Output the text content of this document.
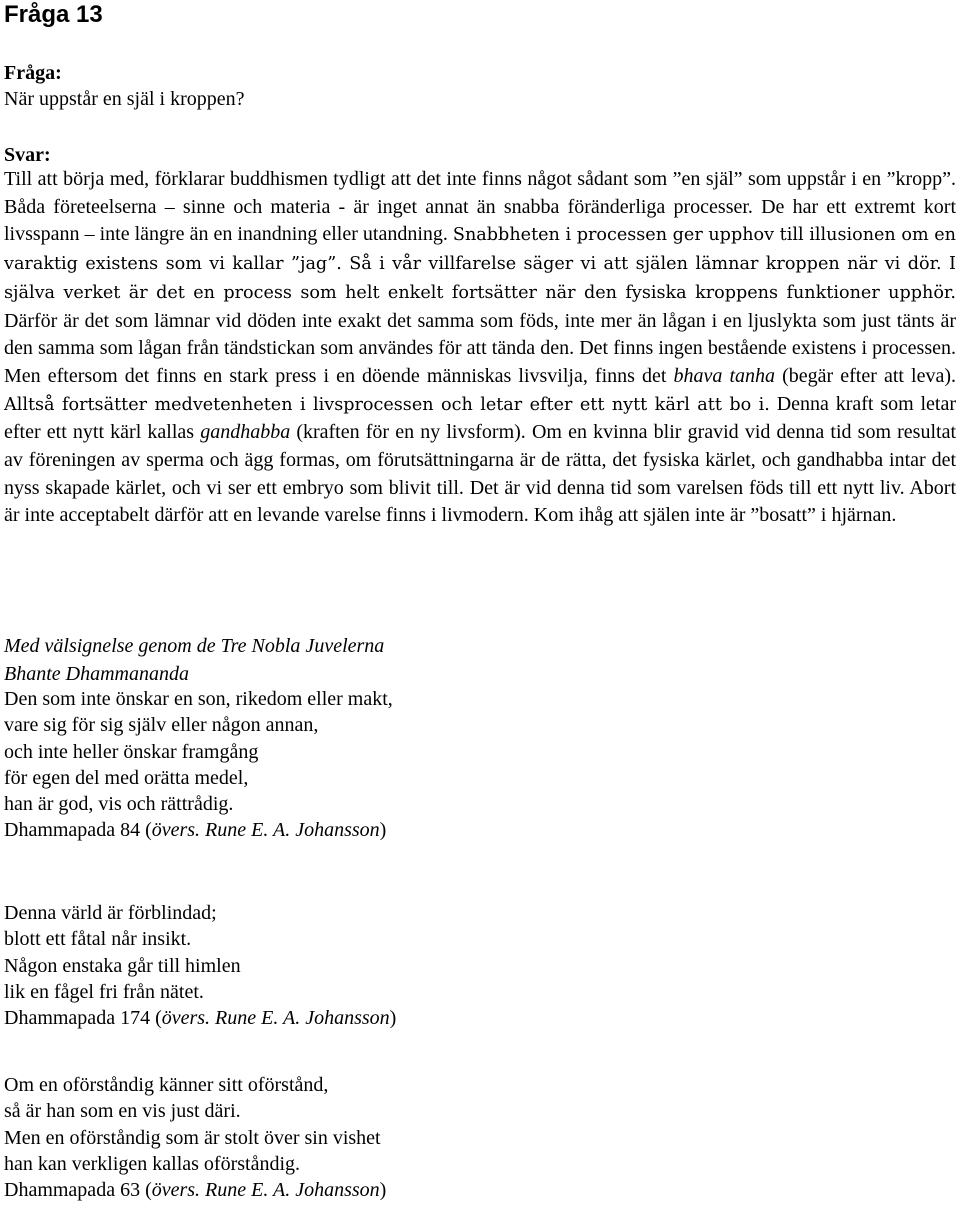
Fråga 13
Fråga:
När uppstår en själ i kroppen?
Svar:

Till att börja med, förklarar buddhismen tydligt att det inte finns något sådant som ”en själ” som uppstår i en ”kropp”. Båda företeelserna – sinne och materia - är inget annat än snabba föränderliga processer. De har ett extremt kort livsspann – inte längre än en inandning eller utandning. Snabbheten i processen ger upphov till illusionen om en varaktig existens som vi kallar ”jag”. Så i vår villfarelse säger vi att själen lämnar kroppen när vi dör. I själva verket är det en process som helt enkelt fortsätter när den fysiska kroppens funktioner upphör. Därför är det som lämnar vid döden inte exakt det samma som föds, inte mer än lågan i en ljuslykta som just tänts är den samma som lågan från tändstickan som användes för att tända den. Det finns ingen bestående existens i processen. Men eftersom det finns en stark press i en döende människas livsvilja, finns det bhava tanha (begär efter att leva). Alltså fortsätter medvetenheten i livsprocessen och letar efter ett nytt kärl att bo i. Denna kraft som letar efter ett nytt kärl kallas gandhabba (kraften för en ny livsform). Om en kvinna blir gravid vid denna tid som resultat av föreningen av sperma och ägg formas, om förutsättningarna är de rätta, det fysiska kärlet, och gandhabba intar det nyss skapade kärlet, och vi ser ett embryo som blivit till. Det är vid denna tid som varelsen föds till ett nytt liv. Abort är inte acceptabelt därför att en levande varelse finns i livmodern. Kom ihåg att själen inte är ”bosatt” i hjärnan.

Med välsignelse genom de Tre Nobla Juvelerna
Bhante Dhammananda
Den som inte önskar en son, rikedom eller makt,
vare sig för sig själv eller någon annan,
och inte heller önskar framgång
för egen del med orätta medel,
han är god, vis och rättrådig.
Dhammapada 84 (övers. Rune E. A. Johansson)
Denna värld är förblindad;
blott ett fåtal når insikt.
Någon enstaka går till himlen
lik en fågel fri från nätet.
Dhammapada 174 (övers. Rune E. A. Johansson)
Om en oförståndig känner sitt oförstånd,
så är han som en vis just däri.
Men en oförståndig som är stolt över sin vishet
han kan verkligen kallas oförståndig.
Dhammapada 63 (övers. Rune E. A. Johansson)
